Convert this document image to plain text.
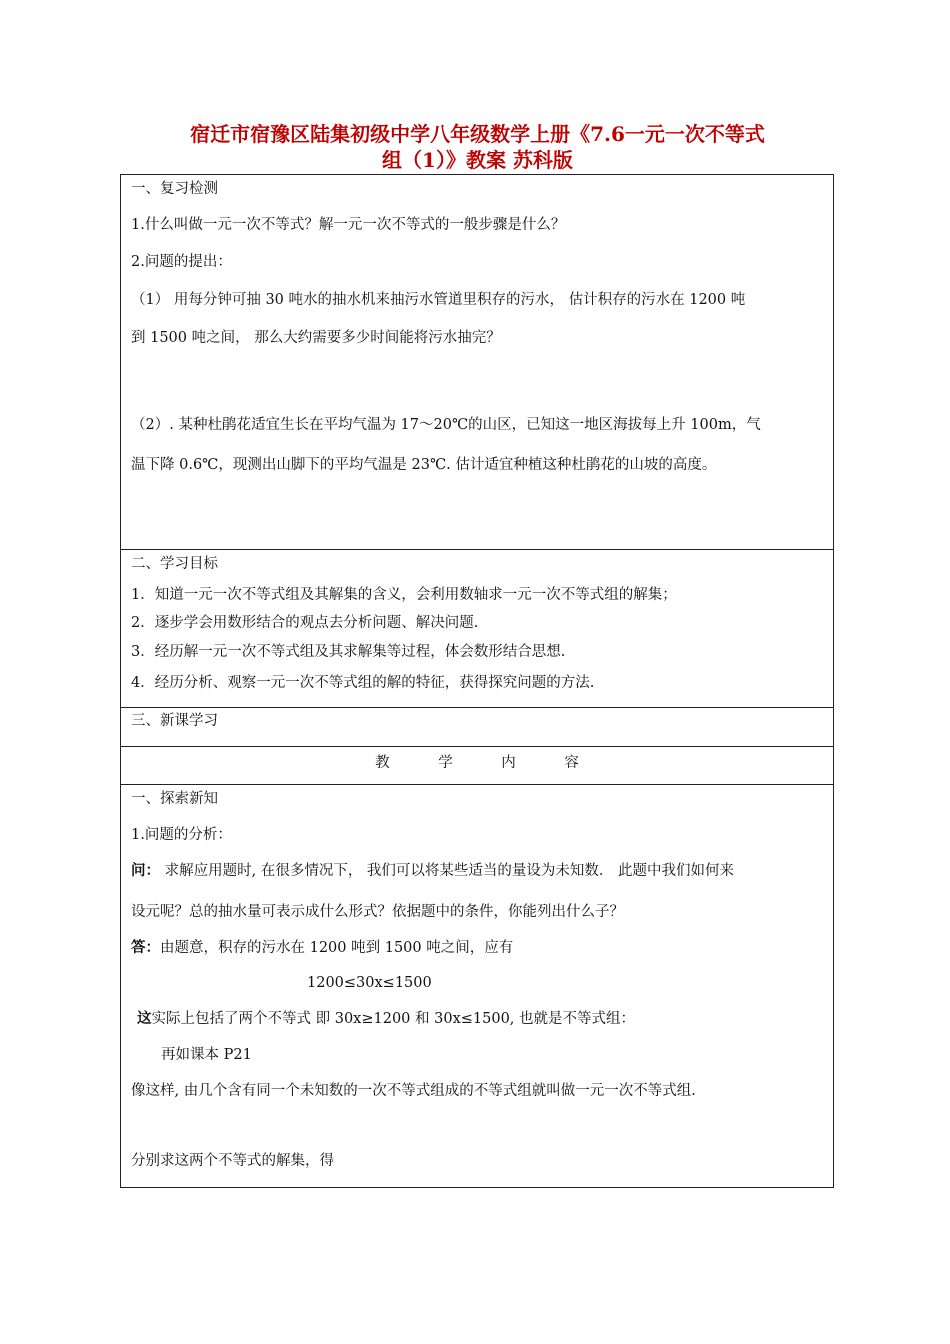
宿迁市宿豫区陆集初级中学八年级数学上册《7.6一元一次不等式
组（1）》教案 苏科版
一、复习检测
1.什么叫做一元一次不等式？解一元一次不等式的一般步骤是什么？
2.问题的提出：
（1） 用每分钟可抽 30 吨水的抽水机来抽污水管道里积存的污水， 估计积存的污水在 1200 吨
到 1500 吨之间， 那么大约需要多少时间能将污水抽完？
（2）. 某种杜鹃花适宜生长在平均气温为 17～20℃的山区，已知这一地区海拔每上升 100m，气
温下降 0.6℃，现测出山脚下的平均气温是 23℃. 估计适宜种植这种杜鹃花的山坡的高度。
二、学习目标
1．知道一元一次不等式组及其解集的含义，会利用数轴求一元一次不等式组的解集；
2．逐步学会用数形结合的观点去分析问题、解决问题.
3．经历解一元一次不等式组及其求解集等过程，体会数形结合思想.
4．经历分析、观察一元一次不等式组的解的特征，获得探究问题的方法.
三、新课学习
教	学	内	容
一、探索新知
1.问题的分析：
问： 求解应用题时, 在很多情况下， 我们可以将某些适当的量设为未知数． 此题中我们如何来
设元呢？总的抽水量可表示成什么形式？依据题中的条件，你能列出什么子？
答：由题意，积存的污水在 1200 吨到 1500 吨之间，应有
1200≤30x≤1500
这实际上包括了两个不等式 即 30x≥1200 和 30x≤1500, 也就是不等式组：
再如课本 P21
像这样, 由几个含有同一个未知数的一次不等式组成的不等式组就叫做一元一次不等式组.
分别求这两个不等式的解集，得
